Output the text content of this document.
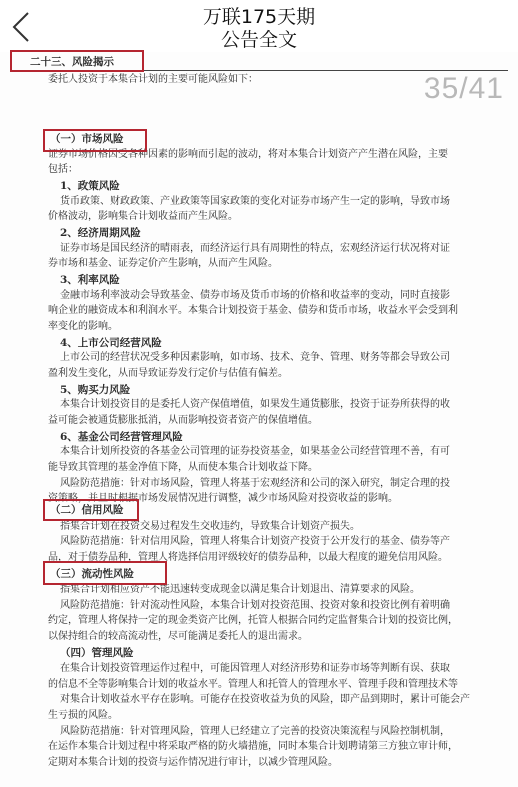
万联175天期
公告全文
35/41
二十三、风险揭示
委托人投资于本集合计划的主要可能风险如下：
（一）市场风险
证券市场价格因受各种因素的影响而引起的波动，将对本集合计划资产产生潜在风险，主要
包括：
1、政策风险
货币政策、财政政策、产业政策等国家政策的变化对证券市场产生一定的影响，导致市场
价格波动，影响集合计划收益而产生风险。
2、经济周期风险
证券市场是国民经济的晴雨表，而经济运行具有周期性的特点，宏观经济运行状况将对证
券市场和基金、证券定价产生影响，从而产生风险。
3、利率风险
金融市场利率波动会导致基金、债券市场及货币市场的价格和收益率的变动，同时直接影
响企业的融资成本和利润水平。本集合计划投资于基金、债券和货币市场，收益水平会受到利
率变化的影响。
4、上市公司经营风险
上市公司的经营状况受多种因素影响，如市场、技术、竞争、管理、财务等都会导致公司
盈利发生变化，从而导致证券发行定价与估值有偏差。
5、购买力风险
本集合计划投资目的是委托人资产保值增值，如果发生通货膨胀，投资于证券所获得的收
益可能会被通货膨胀抵消，从而影响投资者资产的保值增值。
6、基金公司经营管理风险
本集合计划所投资的各基金公司管理的证券投资基金，如果基金公司经营管理不善，有可
能导致其管理的基金净值下降，从而使本集合计划收益下降。
风险防范措施：针对市场风险，管理人将基于宏观经济和公司的深入研究，制定合理的投
资策略，并且时根据市场发展情况进行调整，减少市场风险对投资收益的影响。
（二）信用风险
指集合计划在投资交易过程发生交收违约，导致集合计划资产损失。
风险防范措施：针对信用风险，管理人将集合计划资产投资于公开发行的基金、债券等产
品，对于债券品种，管理人将选择信用评级较好的债券品种，以最大程度的避免信用风险。
（三）流动性风险
指集合计划相应资产不能迅速转变成现金以满足集合计划退出、清算要求的风险。
风险防范措施：针对流动性风险，本集合计划对投资范围、投资对象和投资比例有着明确
约定，管理人将保持一定的现金类资产比例，托管人根据合同约定监督集合计划的投资比例，
以保持组合的较高流动性，尽可能满足委托人的退出需求。
（四）管理风险
在集合计划投资管理运作过程中，可能因管理人对经济形势和证券市场等判断有误、获取
的信息不全等影响集合计划的收益水平。管理人和托管人的管理水平、管理手段和管理技术等
对集合计划收益水平存在影响。可能存在投资收益为负的风险，即产品到期时，累计可能会产
生亏损的风险。
风险防范措施：针对管理风险，管理人已经建立了完善的投资决策流程与风险控制机制，
在运作本集合计划过程中将采取严格的防火墙措施，同时本集合计划聘请第三方独立审计师，
定期对本集合计划的投资与运作情况进行审计，以减少管理风险。
